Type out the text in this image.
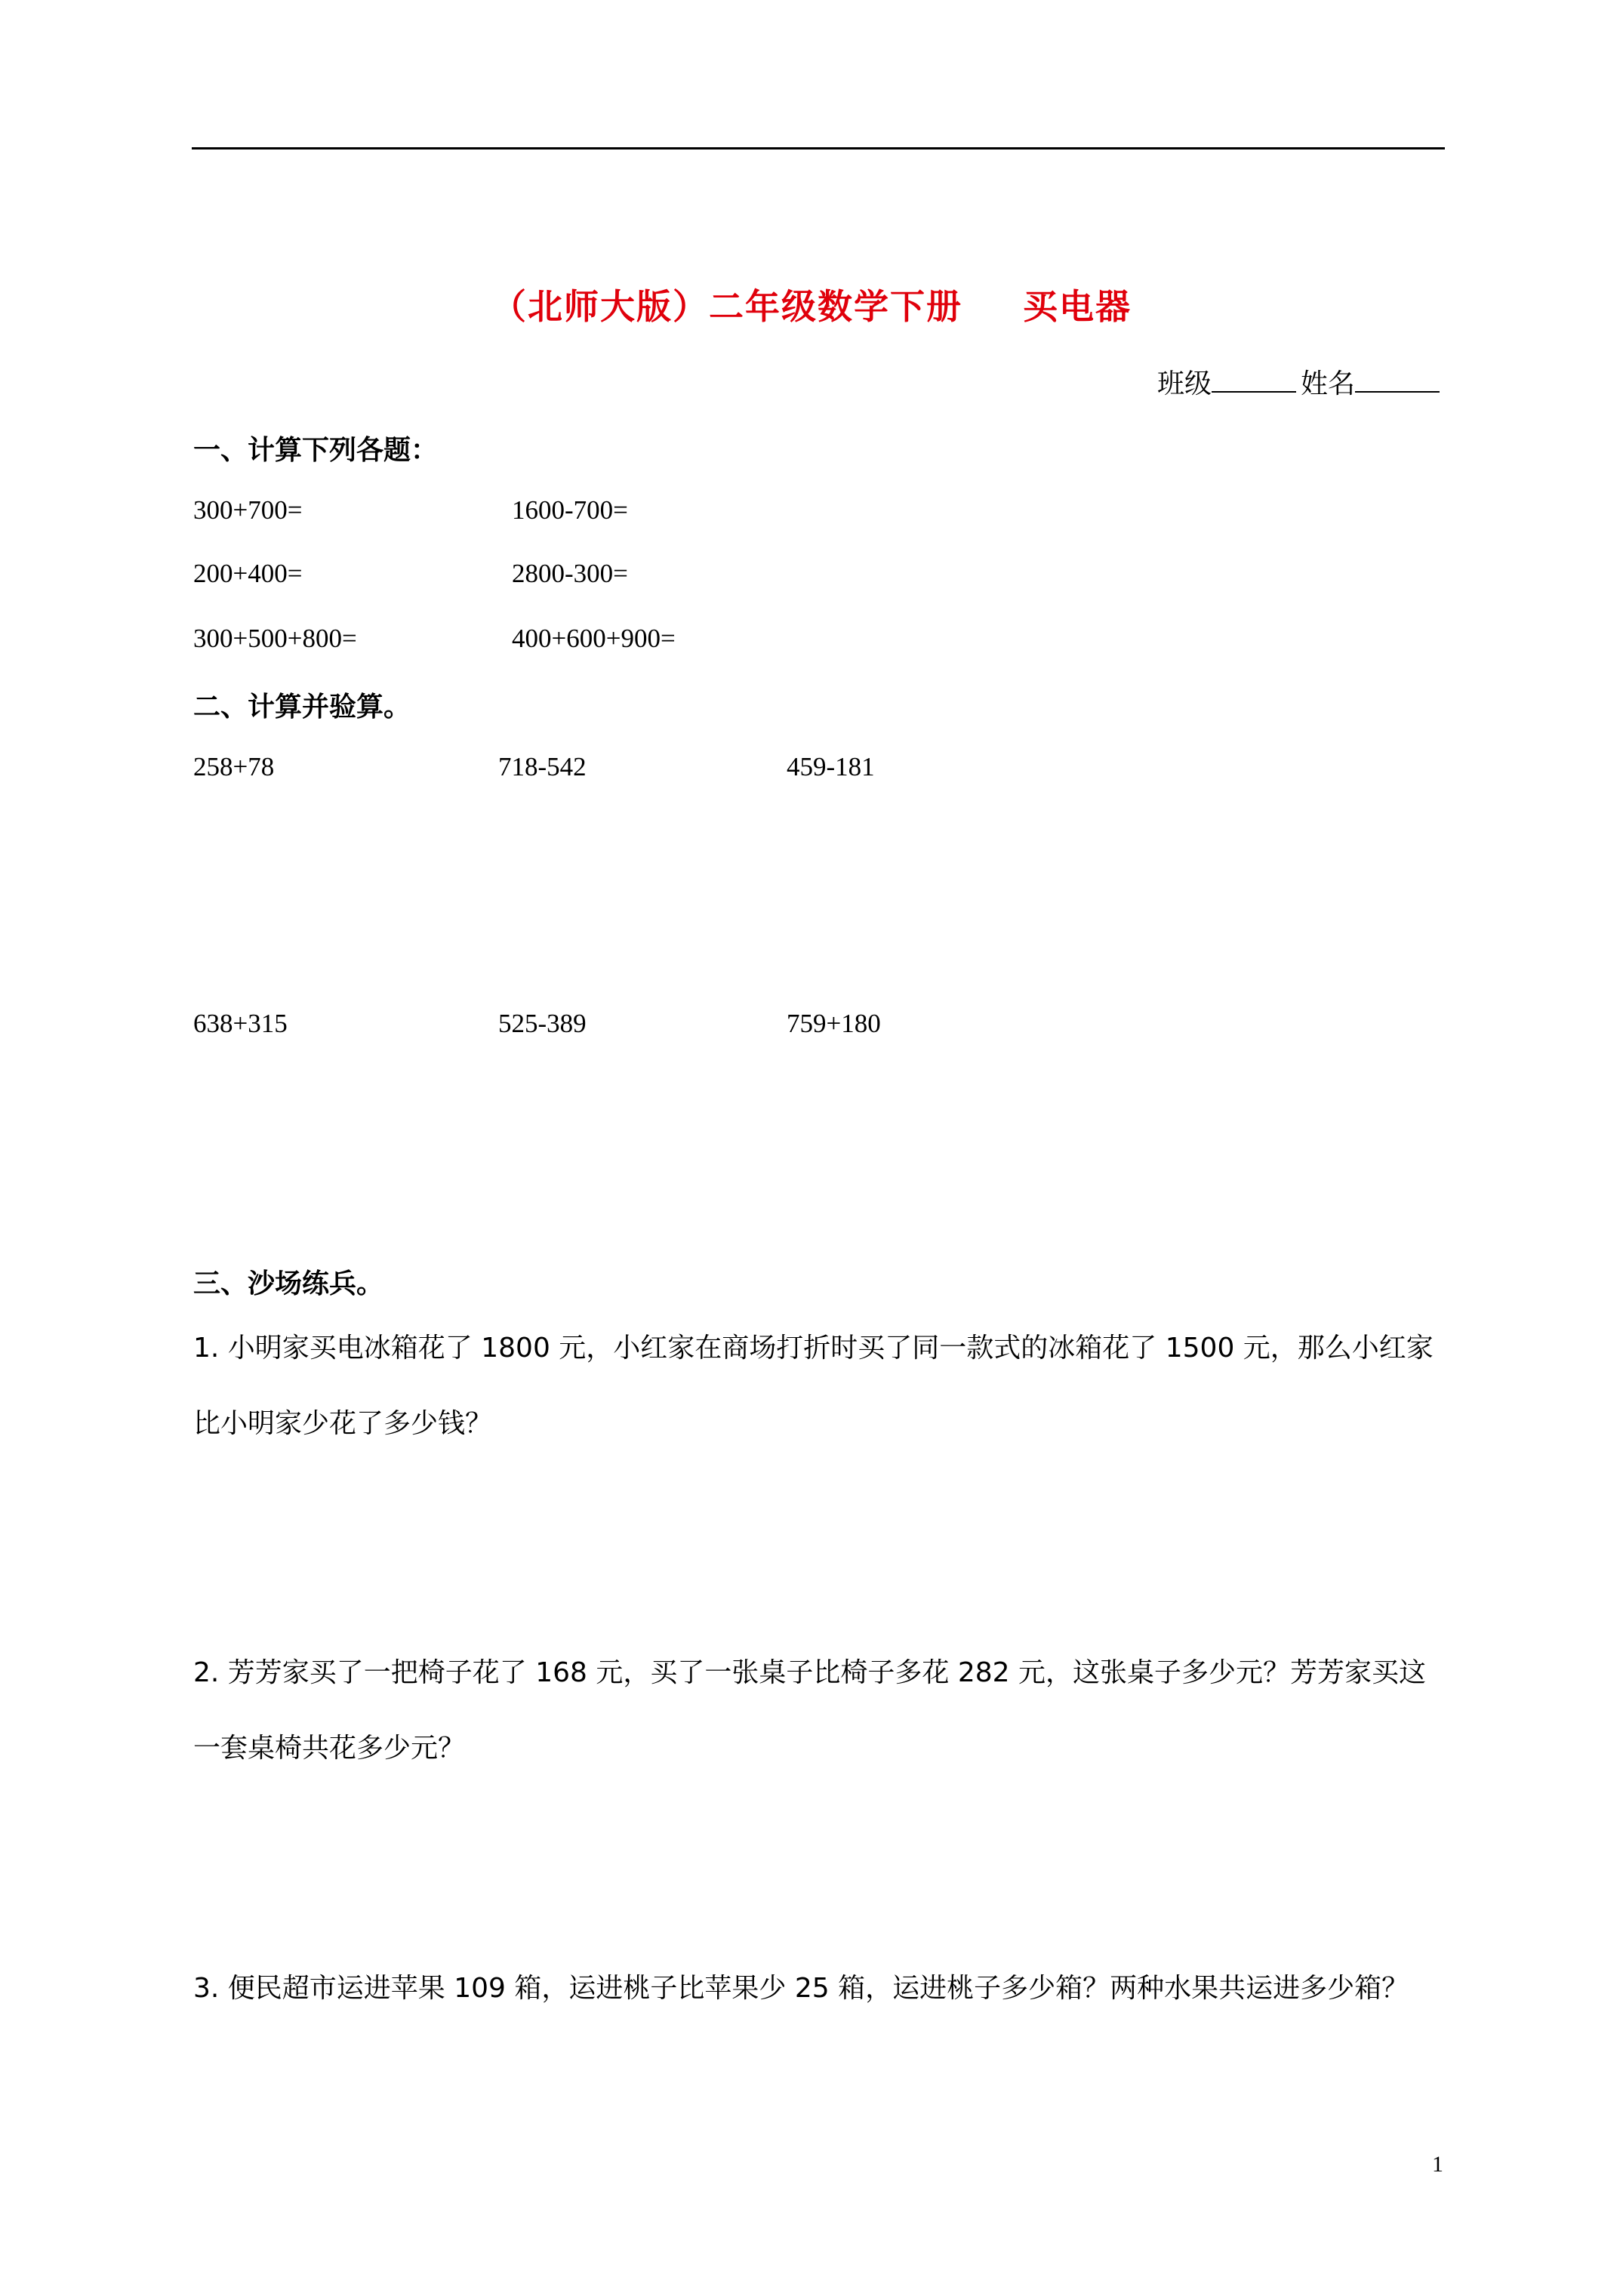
（北师大版）二年级数学下册 买电器
班级	姓名
一、计算下列各题：
300+700=	1600-700=
200+400=	2800-300=
300+500+800=	400+600+900=
二、计算并验算。
258+78	718-542	459-181
638+315	525-389	759+180
三、沙场练兵。
1. 小明家买电冰箱花了 1800 元，小红家在商场打折时买了同一款式的冰箱花了 1500 元，那么小红家比小明家少花了多少钱？
2. 芳芳家买了一把椅子花了 168 元，买了一张桌子比椅子多花 282 元，这张桌子多少元？芳芳家买这一套桌椅共花多少元？
3. 便民超市运进苹果 109 箱，运进桃子比苹果少 25 箱，运进桃子多少箱？两种水果共运进多少箱？
1
